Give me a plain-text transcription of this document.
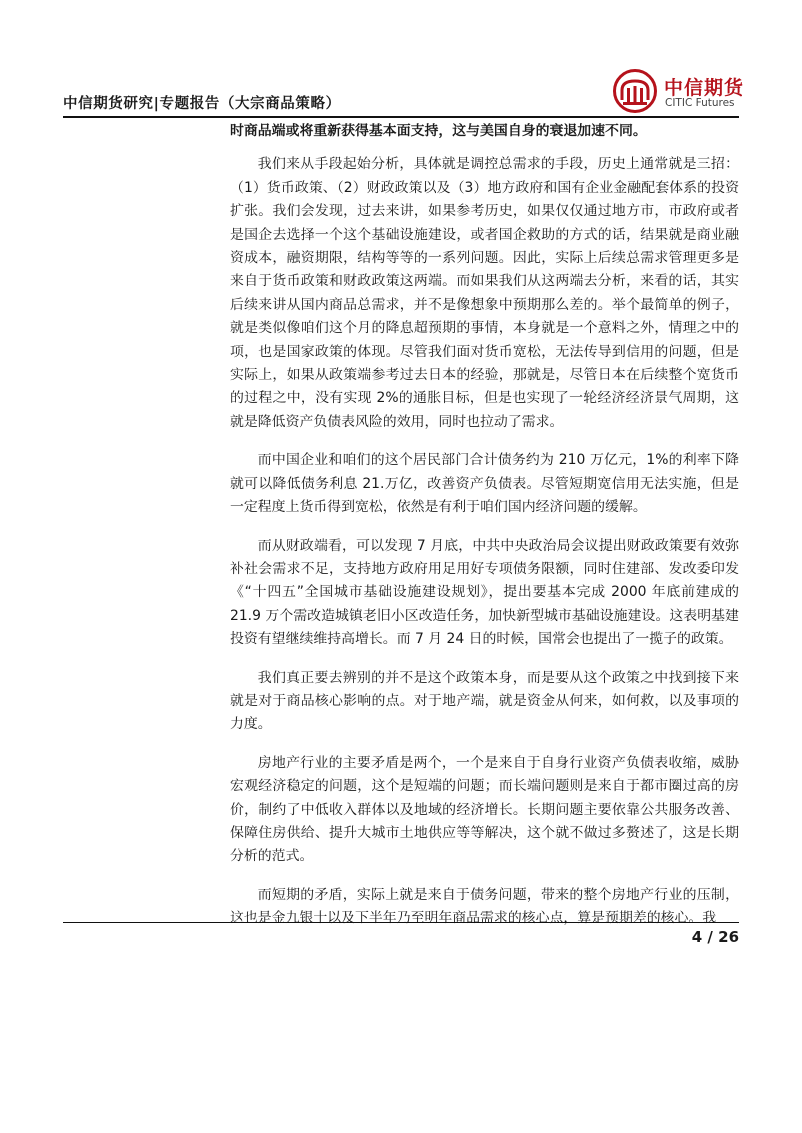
中信期货研究|专题报告（大宗商品策略）
中信期货
CITIC Futures

时商品端或将重新获得基本面支持，这与美国自身的衰退加速不同。

我们来从手段起始分析，具体就是调控总需求的手段，历史上通常就是三招：（1）货币政策、（2）财政政策以及（3）地方政府和国有企业金融配套体系的投资扩张。我们会发现，过去来讲，如果参考历史，如果仅仅通过地方市，市政府或者是国企去选择一个这个基础设施建设，或者国企救助的方式的话，结果就是商业融资成本，融资期限，结构等等的一系列问题。因此，实际上后续总需求管理更多是来自于货币政策和财政政策这两端。而如果我们从这两端去分析，来看的话，其实后续来讲从国内商品总需求，并不是像想象中预期那么差的。举个最简单的例子，就是类似像咱们这个月的降息超预期的事情，本身就是一个意料之外，情理之中的项，也是国家政策的体现。尽管我们面对货币宽松，无法传导到信用的问题，但是实际上，如果从政策端参考过去日本的经验，那就是，尽管日本在后续整个宽货币的过程之中，没有实现 2%的通胀目标，但是也实现了一轮经济经济景气周期，这就是降低资产负债表风险的效用，同时也拉动了需求。

而中国企业和咱们的这个居民部门合计债务约为 210 万亿元，1%的利率下降就可以降低债务利息 21.万亿，改善资产负债表。尽管短期宽信用无法实施，但是一定程度上货币得到宽松，依然是有利于咱们国内经济问题的缓解。

而从财政端看，可以发现 7 月底，中共中央政治局会议提出财政政策要有效弥补社会需求不足，支持地方政府用足用好专项债务限额，同时住建部、发改委印发《“十四五”全国城市基础设施建设规划》，提出要基本完成 2000 年底前建成的 21.9 万个需改造城镇老旧小区改造任务，加快新型城市基础设施建设。这表明基建投资有望继续维持高增长。而 7 月 24 日的时候，国常会也提出了一揽子的政策。

我们真正要去辨别的并不是这个政策本身，而是要从这个政策之中找到接下来就是对于商品核心影响的点。对于地产端，就是资金从何来，如何救，以及事项的力度。

房地产行业的主要矛盾是两个，一个是来自于自身行业资产负债表收缩，威胁宏观经济稳定的问题，这个是短端的问题；而长端问题则是来自于都市圈过高的房价，制约了中低收入群体以及地域的经济增长。长期问题主要依靠公共服务改善、保障住房供给、提升大城市土地供应等等解决，这个就不做过多赘述了，这是长期分析的范式。

而短期的矛盾，实际上就是来自于债务问题，带来的整个房地产行业的压制，这也是金九银十以及下半年乃至明年商品需求的核心点，算是预期差的核心。我

4 / 26
